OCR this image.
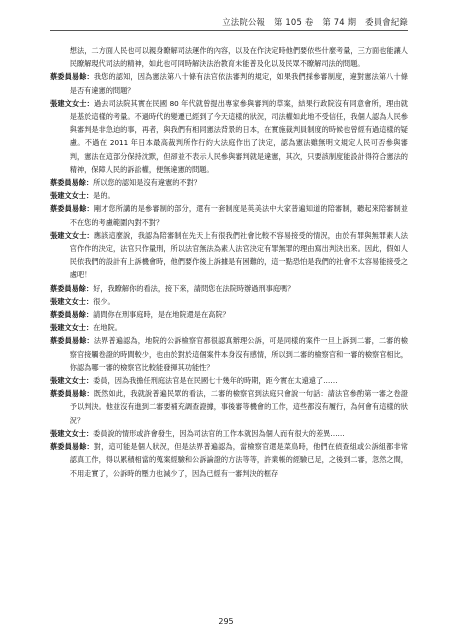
立法院公報 第 105 卷 第 74 期 委員會紀錄

想法，二方面人民也可以親身瞭解司法運作的內容，以及在作決定時他們要依些什麼考量，三方面也能讓人民瞭解現代司法的精神，如此也可同時解決法治教育未能普及化以及民眾不瞭解司法的問題。

蔡委員易餘：我您的認知，因為憲法第八十條有法官依法審判的規定，如果我們採參審制度，違對憲法第八十條是否有違憲的問題？

張建文女士：過去司法院其實在民國 80 年代就曾提出專家參與審判的草案，結果行政院沒有同意會所，理由就是基於這樣的考量。不過時代的變遷已經到了今天這樣的狀況，司法權如此地不受信任，我個人認為人民參與審判是非急迫的事，再者，與我們有相同憲法背景的日本，在實施裁判員制度的時候也曾經有過這樣的疑慮。不過在 2011 年日本最高裁判所作行約大法庭作出了決定，認為憲法雖無明文規定人民可否參與審判，憲法在這部分保持沈默，但卻並不表示人民參與審判就是違憲，其次，只要該制度能設計得符合憲法的精神，保障人民的訴訟權，便無違憲的問題。

蔡委員易餘：所以您的認知是沒有違憲的不對？

張建文女士：是的。

蔡委員易餘：剛才您所講的是參審制的部分，還有一套制度是英美法中大家普遍知道的陪審制，聽起來陪審制並不在您的考慮範圍內對不對？

張建文女士：應該這麼說，我認為陪審制在先天上有很我們社會比較不容易接受的情況，由於有罪與無罪素人法官作作的決定，法官只作量刑，所以法官無法為素人法官決定有罪無罪的理由寫出判決出來。因此，假如人民依我們的設計有上訴機會時，他們要作後上訴據是有困難的，這一點恐怕是我們的社會不太容易能接受之處吧！

蔡委員易餘：好，我瞭解你的看法，接下來，請問您在法院時辦過刑事庭嗎？

張建文女士：很少。

蔡委員易餘：請問你在刑事庭時，是在地院還是在高院？

張建文女士：在地院。

蔡委員易餘：法界普遍認為，地院的公訴檢察官都很認真辦理公訴，可是同樣的案件一旦上訴到二審，二審的檢察官接觸卷證的時間較少，也由於對於這個案件本身沒有感情，所以到二審的檢察官和一審的檢察官相比，你認為哪一審的檢察官比較能發揮其功能性？

張建文女士：委員，因為我擔任刑庭法官是在民國七十幾年的時期，距今實在太遠遠了……

蔡委員易餘：既然如此，我就說普遍民眾的看法，二審的檢察官到法庭只會說一句話：請法官參酌第一審之卷證予以判決。他並沒有進到二審要補充調查證據，事後審等機會的工作，這些都沒有履行，為何會有這樣的狀況？

張建文女士：委員說的情形或許會發生，因為司法官的工作本就因為個人而有很大的差異……

蔡委員易餘：對，這可能是個人狀況，但是法界普遍認為，當檢察官還是菜鳥時，他們在偵查組或公訴組都非常認真工作，得以累積相當的蒐案經驗和公訴論證的方法等等，許業帳的經驗已足，之後到二審，忽然之間，不用走實了，公訴時的壓力也減少了，因為已經有一審判決的框存

295
